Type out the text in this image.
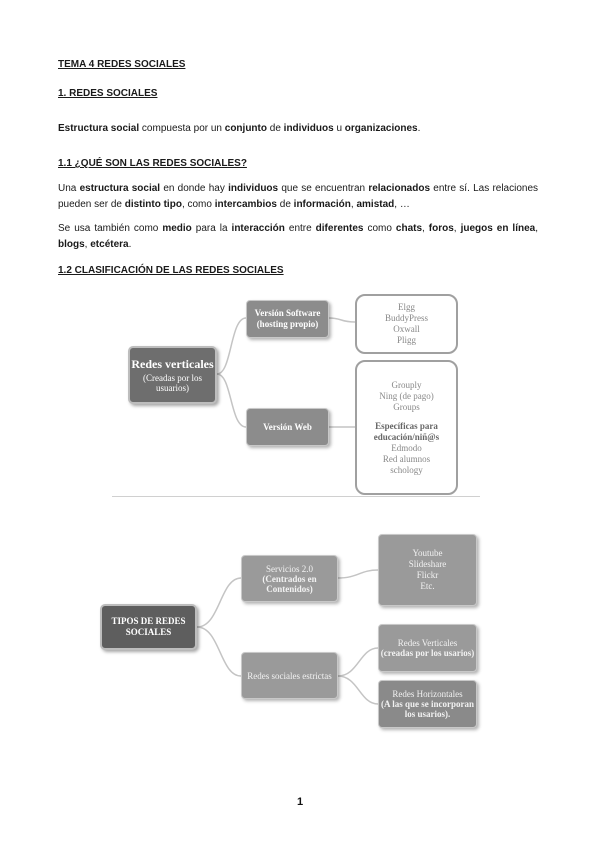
TEMA 4 REDES SOCIALES
1. REDES SOCIALES
Estructura social compuesta por un conjunto de individuos u organizaciones.
1.1 ¿QUÉ SON LAS REDES SOCIALES?
Una estructura social en donde hay individuos que se encuentran relacionados entre sí. Las relaciones pueden ser de distinto tipo, como intercambios de información, amistad, …
Se usa también como medio para la interacción entre diferentes como chats, foros, juegos en línea, blogs, etcétera.
1.2 CLASIFICACIÓN DE LAS REDES SOCIALES
Redes verticales
(Creadas por los usuarios)
Versión Software (hosting propio)
Versión Web
Elgg
BuddyPress
Oxwall
Pligg
Grouply
Ning (de pago)
Groups
Específicas para educación/niñ@s
Edmodo
Red alumnos
schology
TIPOS DE REDES SOCIALES
Servicios 2.0
(Centrados en Contenidos)
Redes sociales estrictas
Youtube
Slideshare
Flickr
Etc.
Redes Verticales
(creadas por los usarios)
Redes Horizontales
(A las que se incorporan los usarios).
1
